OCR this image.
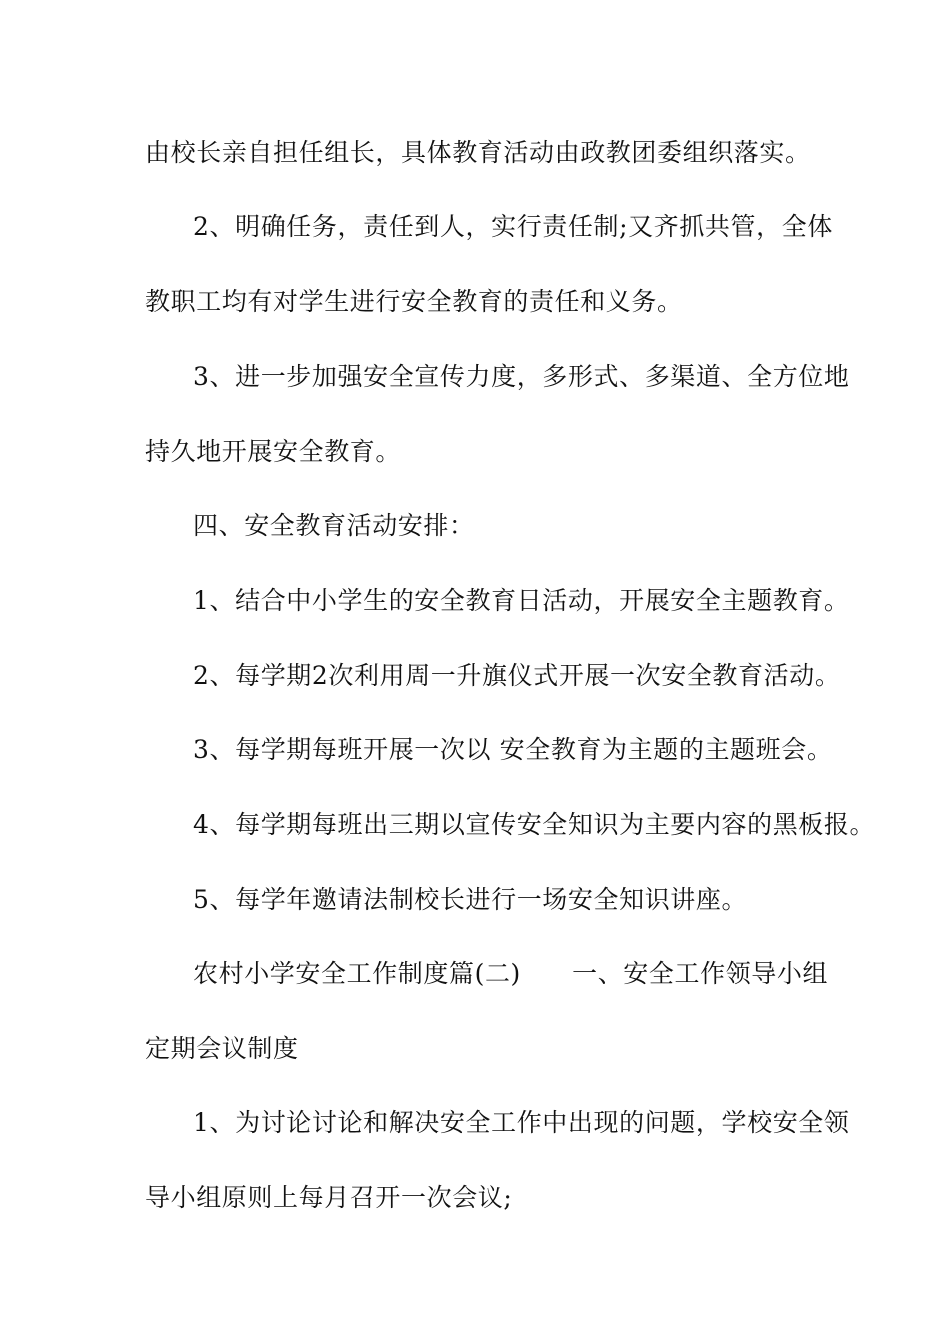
由校长亲自担任组长，具体教育活动由政教团委组织落实。
2、明确任务，责任到人，实行责任制;又齐抓共管，全体
教职工均有对学生进行安全教育的责任和义务。
3、进一步加强安全宣传力度，多形式、多渠道、全方位地
持久地开展安全教育。
四、安全教育活动安排：
1、结合中小学生的安全教育日活动，开展安全主题教育。
2、每学期2次利用周一升旗仪式开展一次安全教育活动。
3、每学期每班开展一次以 安全教育为主题的主题班会。
4、每学期每班出三期以宣传安全知识为主要内容的黑板报。
5、每学年邀请法制校长进行一场安全知识讲座。
农村小学安全工作制度篇(二)　　一、安全工作领导小组
定期会议制度
1、为讨论讨论和解决安全工作中出现的问题，学校安全领
导小组原则上每月召开一次会议;
